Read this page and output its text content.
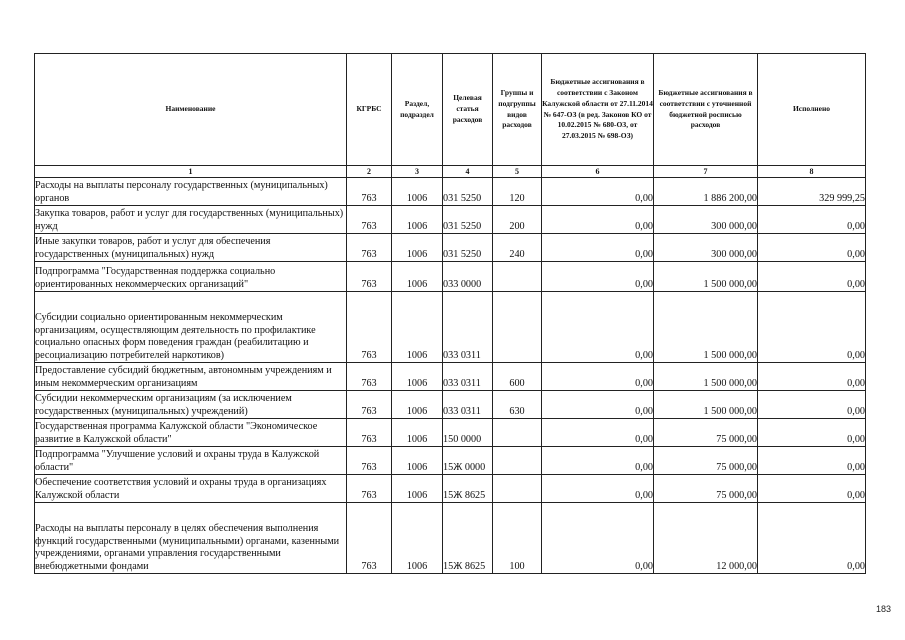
Наименование	КГРБС	Раздел, подраздел	Целевая статья расходов	Группы и подгруппы видов расходов	Бюджетные ассигнования в соответствии с Законом Калужской области от 27.11.2014 № 647-ОЗ (в ред. Законов КО от 10.02.2015 № 680-ОЗ, от 27.03.2015 № 698-ОЗ)	Бюджетные ассигнования в соответствии с уточненной бюджетной росписью расходов	Исполнено
1	2	3	4	5	6	7	8
Расходы на выплаты персоналу государственных (муниципальных) органов	763	1006	031 5250	120	0,00	1 886 200,00	329 999,25
Закупка товаров, работ и услуг для государственных (муниципальных) нужд	763	1006	031 5250	200	0,00	300 000,00	0,00
Иные закупки товаров, работ и услуг для обеспечения государственных (муниципальных) нужд	763	1006	031 5250	240	0,00	300 000,00	0,00
Подпрограмма "Государственная поддержка социально ориентированных некоммерческих организаций"	763	1006	033 0000		0,00	1 500 000,00	0,00
Субсидии социально ориентированным некоммерческим организациям, осуществляющим деятельность по профилактике социально опасных форм поведения граждан (реабилитацию и ресоциализацию потребителей наркотиков)	763	1006	033 0311		0,00	1 500 000,00	0,00
Предоставление субсидий бюджетным, автономным учреждениям и иным некоммерческим организациям	763	1006	033 0311	600	0,00	1 500 000,00	0,00
Субсидии некоммерческим организациям (за исключением государственных (муниципальных) учреждений)	763	1006	033 0311	630	0,00	1 500 000,00	0,00
Государственная программа Калужской области "Экономическое развитие в Калужской области"	763	1006	150 0000		0,00	75 000,00	0,00
Подпрограмма "Улучшение условий и охраны труда в Калужской области"	763	1006	15Ж 0000		0,00	75 000,00	0,00
Обеспечение соответствия условий и охраны труда в организациях Калужской области	763	1006	15Ж 8625		0,00	75 000,00	0,00
Расходы на выплаты персоналу в целях обеспечения выполнения функций государственными (муниципальными) органами, казенными учреждениями, органами управления государственными внебюджетными фондами	763	1006	15Ж 8625	100	0,00	12 000,00	0,00
183
